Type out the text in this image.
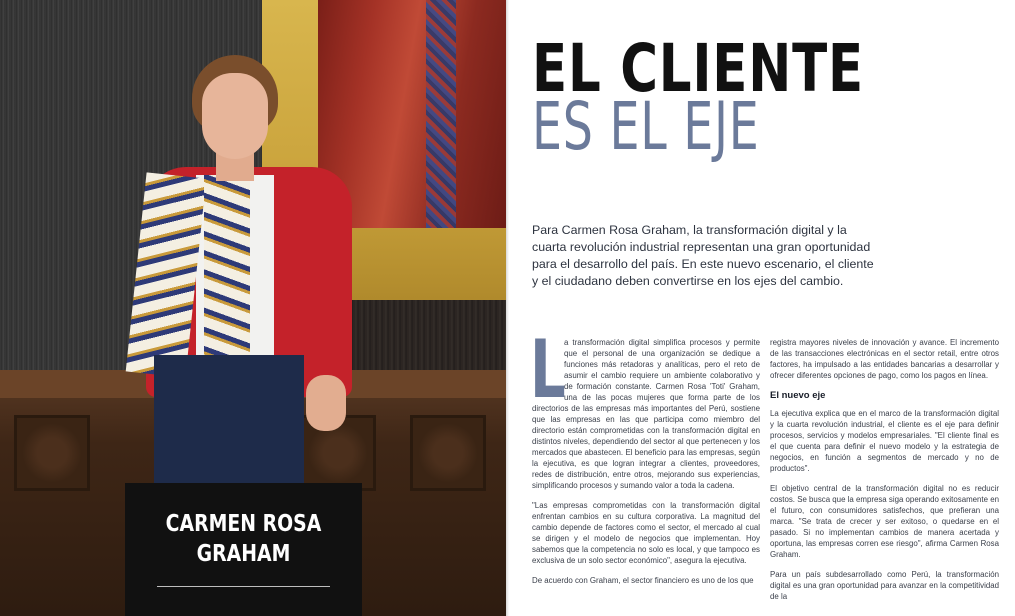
CARMEN ROSA
GRAHAM
EL CLIENTE
ES EL EJE
Para Carmen Rosa Graham, la transformación digital y la cuarta revolución industrial representan una gran oportunidad para el desarrollo del país. En este nuevo escenario, el cliente y el ciudadano deben convertirse en los ejes del cambio.

L
a transformación digital simplifica procesos y permite que el personal de una organización se dedique a funciones más retadoras y analíticas, pero el reto de asumir el cambio requiere un ambiente colaborativo y de formación constante. Carmen Rosa 'Toti' Graham, una de las pocas mujeres que forma parte de los directorios de las empresas más importantes del Perú, sostiene que las empresas en las que participa como miembro del directorio están comprometidas con la transformación digital en distintos niveles, dependiendo del sector al que pertenecen y los mercados que abastecen. El beneficio para las empresas, según la ejecutiva, es que logran integrar a clientes, proveedores, redes de distribución, entre otros, mejorando sus experiencias, simplificando procesos y sumando valor a toda la cadena.

"Las empresas comprometidas con la transformación digital enfrentan cambios en su cultura corporativa. La magnitud del cambio depende de factores como el sector, el mercado al cual se dirigen y el modelo de negocios que implementan. Hoy sabemos que la competencia no solo es local, y que tampoco es exclusiva de un solo sector económico", asegura la ejecutiva.

De acuerdo con Graham, el sector financiero es uno de los que

registra mayores niveles de innovación y avance. El incremento de las transacciones electrónicas en el sector retail, entre otros factores, ha impulsado a las entidades bancarias a desarrollar y ofrecer diferentes opciones de pago, como los pagos en línea.

El nuevo eje

La ejecutiva explica que en el marco de la transformación digital y la cuarta revolución industrial, el cliente es el eje para definir procesos, servicios y modelos empresariales. "El cliente final es el que cuenta para definir el nuevo modelo y la estrategia de negocios, en función a segmentos de mercado y no de productos".

El objetivo central de la transformación digital no es reducir costos. Se busca que la empresa siga operando exitosamente en el futuro, con consumidores satisfechos, que prefieran una marca. "Se trata de crecer y ser exitoso, o quedarse en el pasado. Si no implementan cambios de manera acertada y oportuna, las empresas corren ese riesgo", afirma Carmen Rosa Graham.

Para un país subdesarrollado como Perú, la transformación digital es una gran oportunidad para avanzar en la competitividad de la
